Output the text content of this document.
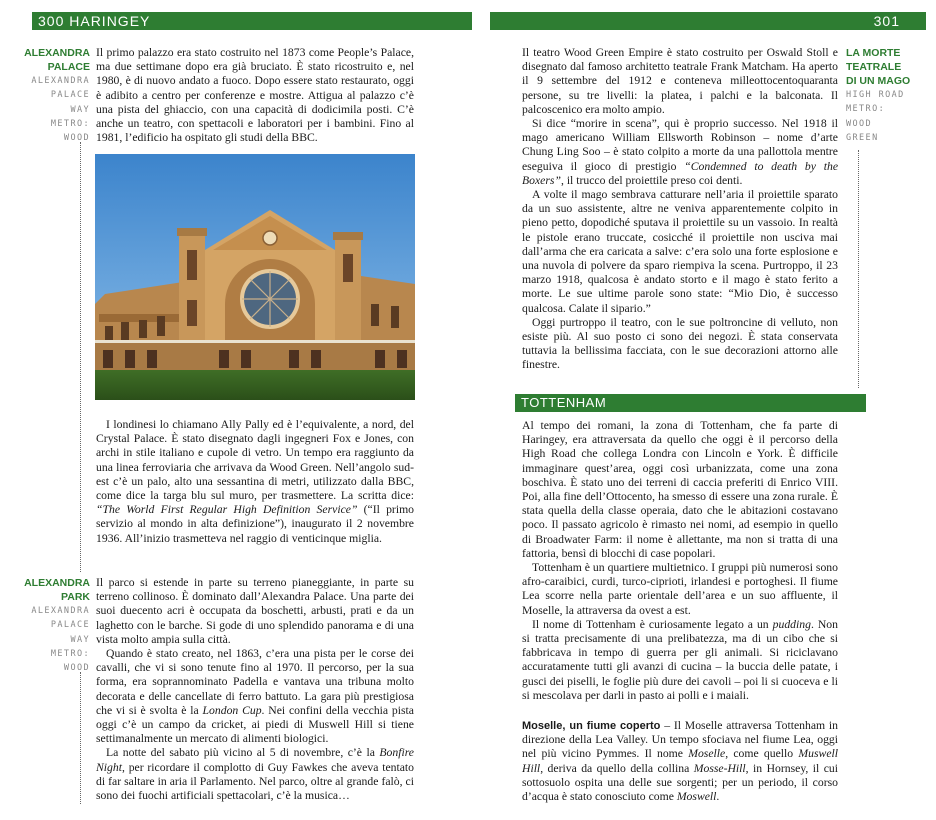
300 HARINGEY	301
ALEXANDRA
PALACE
ALEXANDRA
PALACE
WAY
METRO:
WOOD
ALEXANDRA
PARK
ALEXANDRA
PALACE
WAY
METRO:
WOOD

Il primo palazzo era stato costruito nel 1873 come People’s Palace, ma due settimane dopo era già bruciato. È stato ricostruito e, nel 1980, è di nuovo andato a fuoco. Dopo essere stato restaurato, oggi è adibito a centro per conferenze e mostre. Attigua al palazzo c’è una pista del ghiaccio, con una capacità di dodicimila posti. C’è anche un teatro, con spettacoli e laboratori per i bambini. Fino al 1981, l’edificio ha ospitato gli studi della BBC.

I londinesi lo chiamano Ally Pally ed è l’equivalente, a nord, del Crystal Palace. È stato disegnato dagli ingegneri Fox e Jones, con archi in stile italiano e cupole di vetro. Un tempo era raggiunto da una linea ferroviaria che arrivava da Wood Green. Nell’angolo sud-est c’è un palo, alto una sessantina di metri, utilizzato dalla BBC, come dice la targa blu sul muro, per trasmettere. La scritta dice: “The World First Regular High Definition Service” (“Il primo servizio al mondo in alta definizione”), inaugurato il 2 novembre 1936. All’inizio trasmetteva nel raggio di venticinque miglia.

Il parco si estende in parte su terreno pianeggiante, in parte su terreno collinoso. È dominato dall’Alexandra Palace. Una parte dei suoi duecento acri è occupata da boschetti, arbusti, prati e da un laghetto con le barche. Si gode di uno splendido panorama e di una vista molto ampia sulla città.

Quando è stato creato, nel 1863, c’era una pista per le corse dei cavalli, che vi si sono tenute fino al 1970. Il percorso, per la sua forma, era soprannominato Padella e vantava una tribuna molto decorata e delle cancellate di ferro battuto. La gara più prestigiosa che vi si è svolta è la London Cup. Nei confini della vecchia pista oggi c’è un campo da cricket, ai piedi di Muswell Hill si tiene settimanalmente un mercato di alimenti biologici.

La notte del sabato più vicino al 5 di novembre, c’è la Bonfire Night, per ricordare il complotto di Guy Fawkes che aveva tentato di far saltare in aria il Parlamento. Nel parco, oltre al grande falò, ci sono dei fuochi artificiali spettacolari, c’è la musica…

Il teatro Wood Green Empire è stato costruito per Oswald Stoll e disegnato dal famoso architetto teatrale Frank Matcham. Ha aperto il 9 settembre del 1912 e conteneva milleottocentoquaranta persone, su tre livelli: la platea, i palchi e la balconata. Il palcoscenico era molto ampio.

Si dice “morire in scena”, qui è proprio successo. Nel 1918 il mago americano William Ellsworth Robinson – nome d’arte Chung Ling Soo – è stato colpito a morte da una pallottola mentre eseguiva il gioco di prestigio “Condemned to death by the Boxers”, il trucco del proiettile preso coi denti.

A volte il mago sembrava catturare nell’aria il proiettile sparato da un suo assistente, altre ne veniva apparentemente colpito in pieno petto, dopodiché sputava il proiettile su un vassoio. In realtà le pistole erano truccate, cosicché il proiettile non usciva mai dall’arma che era caricata a salve: c’era solo una forte esplosione e una nuvola di polvere da sparo riempiva la scena. Purtroppo, il 23 marzo 1918, qualcosa è andato storto e il mago è stato ferito a morte. Le sue ultime parole sono state: “Mio Dio, è successo qualcosa. Calate il sipario.”

Oggi purtroppo il teatro, con le sue poltroncine di velluto, non esiste più. Al suo posto ci sono dei negozi. È stata conservata tuttavia la bellissima facciata, con le sue decorazioni attorno alle finestre.

LA MORTE
TEATRALE
DI UN MAGO
HIGH ROAD
METRO:
WOOD
GREEN
TOTTENHAM

Al tempo dei romani, la zona di Tottenham, che fa parte di Haringey, era attraversata da quello che oggi è il percorso della High Road che collega Londra con Lincoln e York. È difficile immaginare quest’area, oggi così urbanizzata, come una zona boschiva. È stato uno dei terreni di caccia preferiti di Enrico VIII. Poi, alla fine dell’Ottocento, ha smesso di essere una zona rurale. È stata quella della classe operaia, dato che le abitazioni costavano poco. Il passato agricolo è rimasto nei nomi, ad esempio in quello di Broadwater Farm: il nome è allettante, ma non si tratta di una fattoria, bensì di blocchi di case popolari.

Tottenham è un quartiere multietnico. I gruppi più numerosi sono afro-caraibici, curdi, turco-ciprioti, irlandesi e portoghesi. Il fiume Lea scorre nella parte orientale dell’area e un suo affluente, il Moselle, la attraversa da ovest a est.

Il nome di Tottenham è curiosamente legato a un pudding. Non si tratta precisamente di una prelibatezza, ma di un cibo che si fabbricava in tempo di guerra per gli animali. Si riciclavano accuratamente tutti gli avanzi di cucina – la buccia delle patate, i gusci dei piselli, le foglie più dure dei cavoli – poi li si cuoceva e li si mescolava per darli in pasto ai polli e i maiali.

Moselle, un fiume coperto – Il Moselle attraversa Tottenham in direzione della Lea Valley. Un tempo sfociava nel fiume Lea, oggi nel più vicino Pymmes. Il nome Moselle, come quello Muswell Hill, deriva da quello della collina Mosse-Hill, in Hornsey, il cui sottosuolo ospita una delle sue sorgenti; per un periodo, il corso d’acqua è stato conosciuto come Moswell.
